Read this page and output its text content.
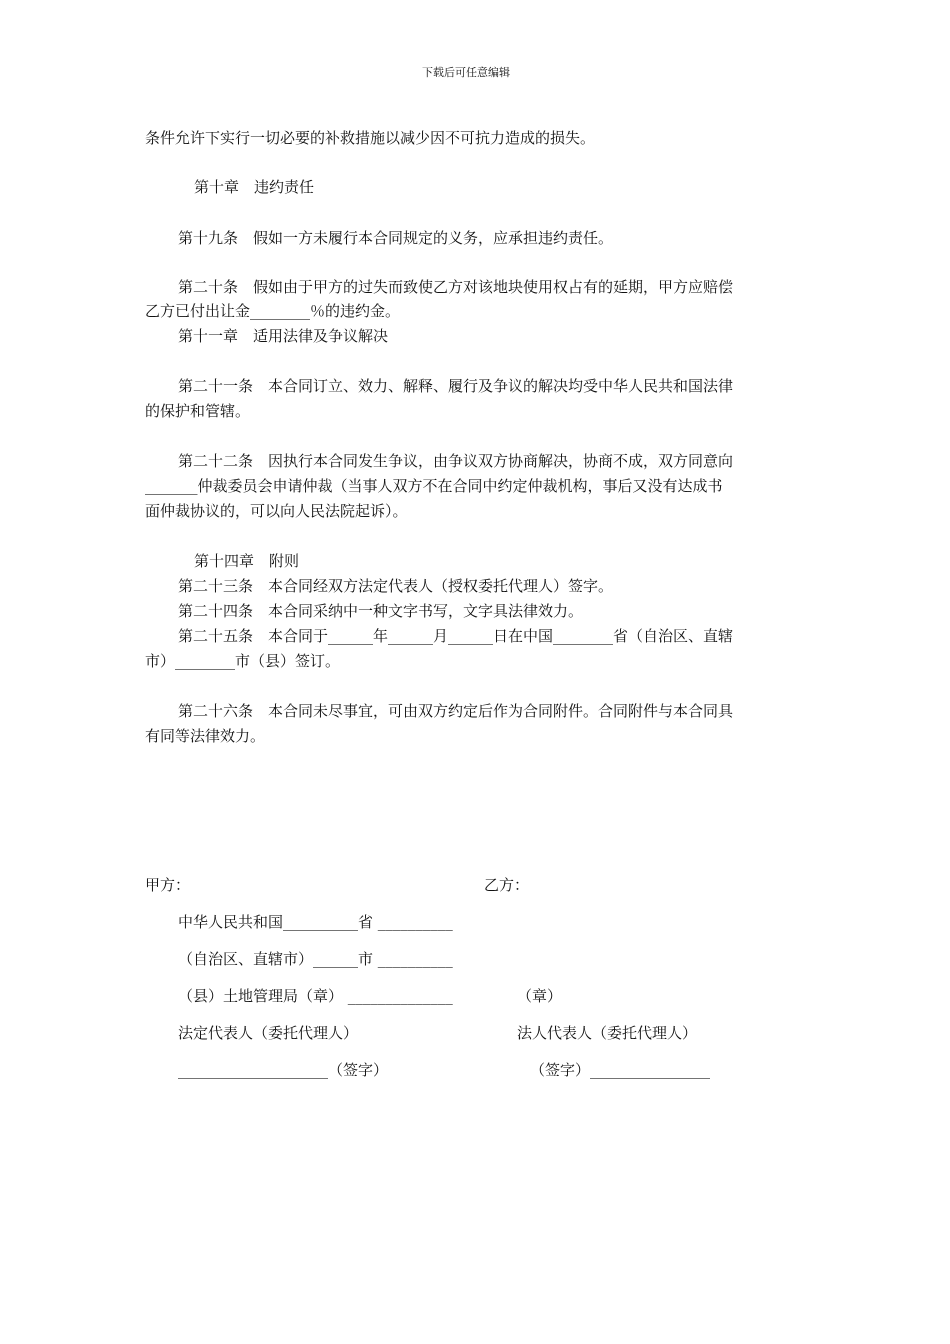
下载后可任意编辑
条件允许下实行一切必要的补救措施以减少因不可抗力造成的损失。
第十章　违约责任
第十九条　假如一方未履行本合同规定的义务，应承担违约责任。
第二十条　假如由于甲方的过失而致使乙方对该地块使用权占有的延期，甲方应赔偿
乙方已付出让金________％的违约金。
第十一章　适用法律及争议解决
第二十一条　本合同订立、效力、解释、履行及争议的解决均受中华人民共和国法律
的保护和管辖。
第二十二条　因执行本合同发生争议，由争议双方协商解决，协商不成，双方同意向
_______仲裁委员会申请仲裁（当事人双方不在合同中约定仲裁机构，事后又没有达成书
面仲裁协议的，可以向人民法院起诉）。
第十四章　附则
第二十三条　本合同经双方法定代表人（授权委托代理人）签字。
第二十四条　本合同采纳中一种文字书写，文字具法律效力。
第二十五条　本合同于______年______月______日在中国________省（自治区、直辖
市）________市（县）签订。
第二十六条　本合同未尽事宜，可由双方约定后作为合同附件。合同附件与本合同具
有同等法律效力。
甲方：	乙方：
中华人民共和国__________省 __________
（自治区、直辖市）______市 __________
（县）土地管理局（章） ______________	（章）
法定代表人（委托代理人）	法人代表人（委托代理人）
____________________（签字）	（签字）________________
